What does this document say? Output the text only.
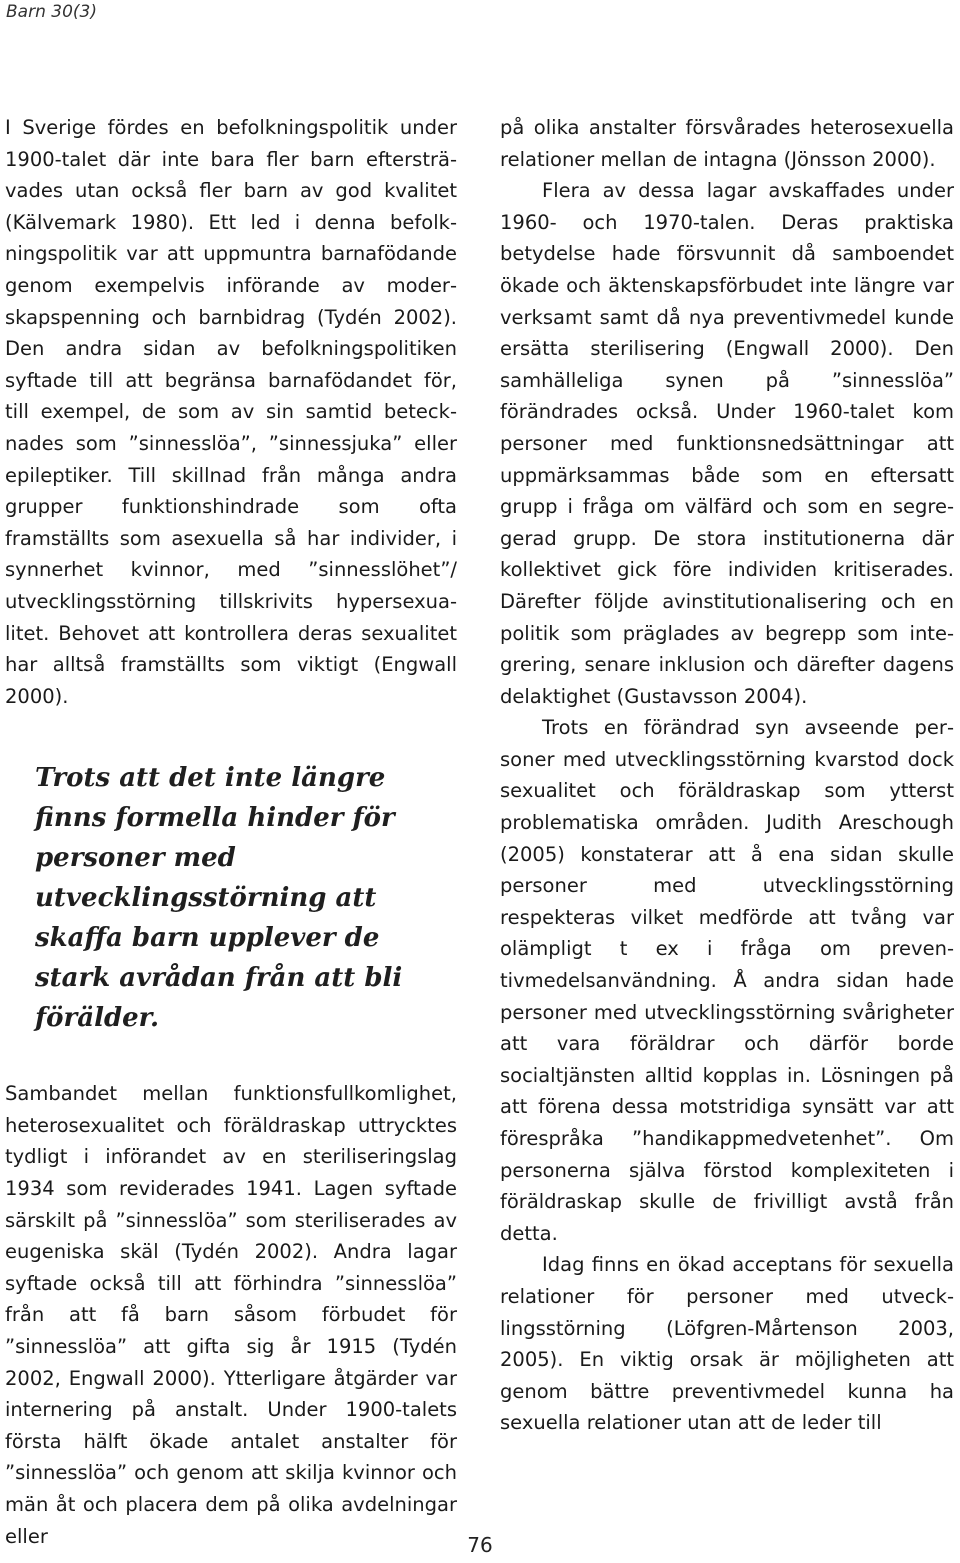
Barn 30(3)

I Sverige fördes en befolkningspolitik under 1900-talet där inte bara fler barn eftersträvades utan också fler barn av god kvalitet (Kälvemark 1980). Ett led i denna befolkningspolitik var att uppmuntra barnafödande genom exempelvis införande av moderskapspenning och barnbidrag (Tydén 2002). Den andra sidan av befolkningspolitiken syftade till att begränsa barnafödandet för, till exempel, de som av sin samtid betecknades som ”sinnesslöa”, ”sinnessjuka” eller epileptiker. Till skillnad från många andra grupper funktionshindrade som ofta framställts som asexuella så har individer, i synnerhet kvinnor, med ”sinnesslöhet”/ utvecklingsstörning tillskrivits hypersexualitet. Behovet att kontrollera deras sexualitet har alltså framställts som viktigt (Engwall 2000).

Trots att det inte längre finns formella hinder för personer med utvecklingsstörning att skaffa barn upplever de stark avrådan från att bli förälder.

Sambandet mellan funktionsfullkomlighet, heterosexualitet och föräldraskap uttrycktes tydligt i införandet av en steriliseringslag 1934 som reviderades 1941. Lagen syftade särskilt på ”sinnesslöa” som steriliserades av eugeniska skäl (Tydén 2002). Andra lagar syftade också till att förhindra ”sinnesslöa” från att få barn såsom förbudet för ”sinnesslöa” att gifta sig år 1915 (Tydén 2002, Engwall 2000). Ytterligare åtgärder var internering på anstalt. Under 1900-talets första hälft ökade antalet anstalter för ”sinnesslöa” och genom att skilja kvinnor och män åt och placera dem på olika avdelningar eller

på olika anstalter försvårades heterosexuella relationer mellan de intagna (Jönsson 2000).

Flera av dessa lagar avskaffades under 1960- och 1970-talen. Deras praktiska betydelse hade försvunnit då samboendet ökade och äktenskapsförbudet inte längre var verksamt samt då nya preventivmedel kunde ersätta sterilisering (Engwall 2000). Den samhälleliga synen på ”sinnesslöa” förändrades också. Under 1960-talet kom personer med funktionsnedsättningar att uppmärksammas både som en eftersatt grupp i fråga om välfärd och som en segregerad grupp. De stora institutionerna där kollektivet gick före individen kritiserades. Därefter följde avinstitutionalisering och en politik som präglades av begrepp som integrering, senare inklusion och därefter dagens delaktighet (Gustavsson 2004).

Trots en förändrad syn avseende personer med utvecklingsstörning kvarstod dock sexualitet och föräldraskap som ytterst problematiska områden. Judith Areschough (2005) konstaterar att å ena sidan skulle personer med utvecklingsstörning respekteras vilket medförde att tvång var olämpligt t ex i fråga om preventivmedelsanvändning. Å andra sidan hade personer med utvecklingsstörning svårigheter att vara föräldrar och därför borde socialtjänsten alltid kopplas in. Lösningen på att förena dessa motstridiga synsätt var att förespråka ”handikappmedvetenhet”. Om personerna själva förstod komplexiteten i föräldraskap skulle de frivilligt avstå från detta.

Idag finns en ökad acceptans för sexuella relationer för personer med utvecklingsstörning (Löfgren-Mårtenson 2003, 2005). En viktig orsak är möjligheten att genom bättre preventivmedel kunna ha sexuella relationer utan att de leder till

76
